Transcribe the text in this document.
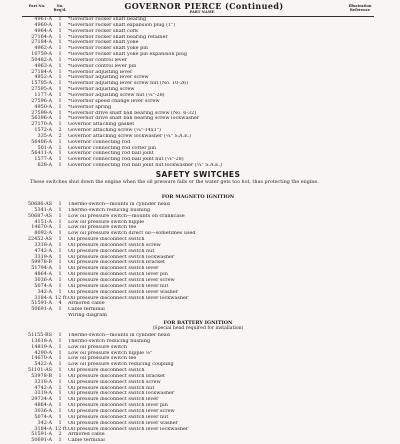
GOVERNOR PIERCE (Continued)
Part No.	No. Req'd.	PART NAME
Illustration Reference
4961-A	1	*Governor rocker shaft bearing
4960-A	1	*Governor rocker shaft expansion plug (1")
4964-A	1	*Governor rocker shaft cork
27164-A	1	*Governor rocker shaft bearing retainer
27184-A	1	*Governor rocker shaft yoke
4962-A	1	*Governor rocker shaft yoke pin
10759-A	1	*Governor rocker shaft yoke pin expansion plug
50482-A	1	*Governor control lever
4963-A	1	*Governor control lever pin
27184-A	1	*Governor adjusting lever
4952-A	1	*Governor adjusting lever screw
15705-A	1	*Governor adjusting lever screw nut (No. 10-26)
27595-A	1	*Governor adjusting screw
1177-A	1	*Governor adjusting screw nut (¼"-28)
27596-A	1	*Governor speed change lever screw
4950-A	1	*Governor spring
27599-A	1	*Governor drive shaft ball bearing screw (No. 6-32)
56396-A	1	*Governor drive shaft ball bearing screw lockwasher
27170-A	1	Governor attaching gasket
1572-A	2	Governor attaching screw (¼"-14x1")
335-A	2	Governor attaching screw lockwasher (¼" S.A.E.)
56406-A	1	Governor connecting rod
501-A	1	Governor connecting rod cotter pin
56411-A	1	Governor connecting rod ball joint
1577-A	1	Governor connecting rod ball joint nut (¼"-28)
628-A	1	Governor connecting rod ball joint nut lockwasher (¼" S.A.E.)
SAFETY SWITCHES
These switches shut down the engine when the oil pressure falls or the water gets too hot, thus protecting the engine.
FOR MAGNETO IGNITION
50686-AS	1	Thermo-switch—mounts in cylinder head
5341-A	1	Thermo-switch reducing bushing
50687-AS	1	Low oil pressure switch—mounts on crankcase
4151-A	1	Low oil pressure switch nipple
14670-A	1	Low oil pressure switch tee
8092-A	1	Low oil pressure switch direct oil—sometimes used
22452-AS	1	Oil pressure disconnect switch
3318-A	1	Oil pressure disconnect switch screw
4742-A	1	Oil pressure disconnect switch nut
3319-A	1	Oil pressure disconnect switch lockwasher
59978-B	1	Oil pressure disconnect switch bracket
51794-A	1	Oil pressure disconnect switch lever
4864-A	1	Oil pressure disconnect switch lever pin
3036-A	1	Oil pressure disconnect switch lever screw
5074-A	1	Oil pressure disconnect switch lever nut
342-A	1	Oil pressure disconnect switch lever washer
3184-A 12 ft. Oil pressure disconnect switch lever lockwasher
51591-A	4	Armored cable
50691-A	1	Cable terminal
Wiring diagram
FOR BATTERY IGNITION
(Special head required for installation)
51155-BS	1	Thermo-switch—mounts in cylinder head
13618-A	1	Thermo-switch reducing bushing
14819-A	1	Low oil pressure switch
4290-A	1	Low oil pressure switch nipple ⅛"
14670-A	1	Low oil pressure switch tee
5422-A	1	Low oil pressure switch reducing coupling
51101-AS	1	Oil pressure disconnect switch
53978-B	1	Oil pressure disconnect switch bracket
3318-A	1	Oil pressure disconnect switch screw
4742-A	1	Oil pressure disconnect switch nut
3319-A	1	Oil pressure disconnect switch lockwasher
29734-A	1	Oil pressure disconnect switch lever
4864-A	1	Oil pressure disconnect switch lever pin
3036-A	1	Oil pressure disconnect switch lever screw
5074-A	1	Oil pressure disconnect switch lever nut
342-A	1	Oil pressure disconnect switch lever washer
3184-A 12 ft. Oil pressure disconnect switch lever lockwasher
51591-A	2	Armored cable
50691-A	1	Cable terminal
